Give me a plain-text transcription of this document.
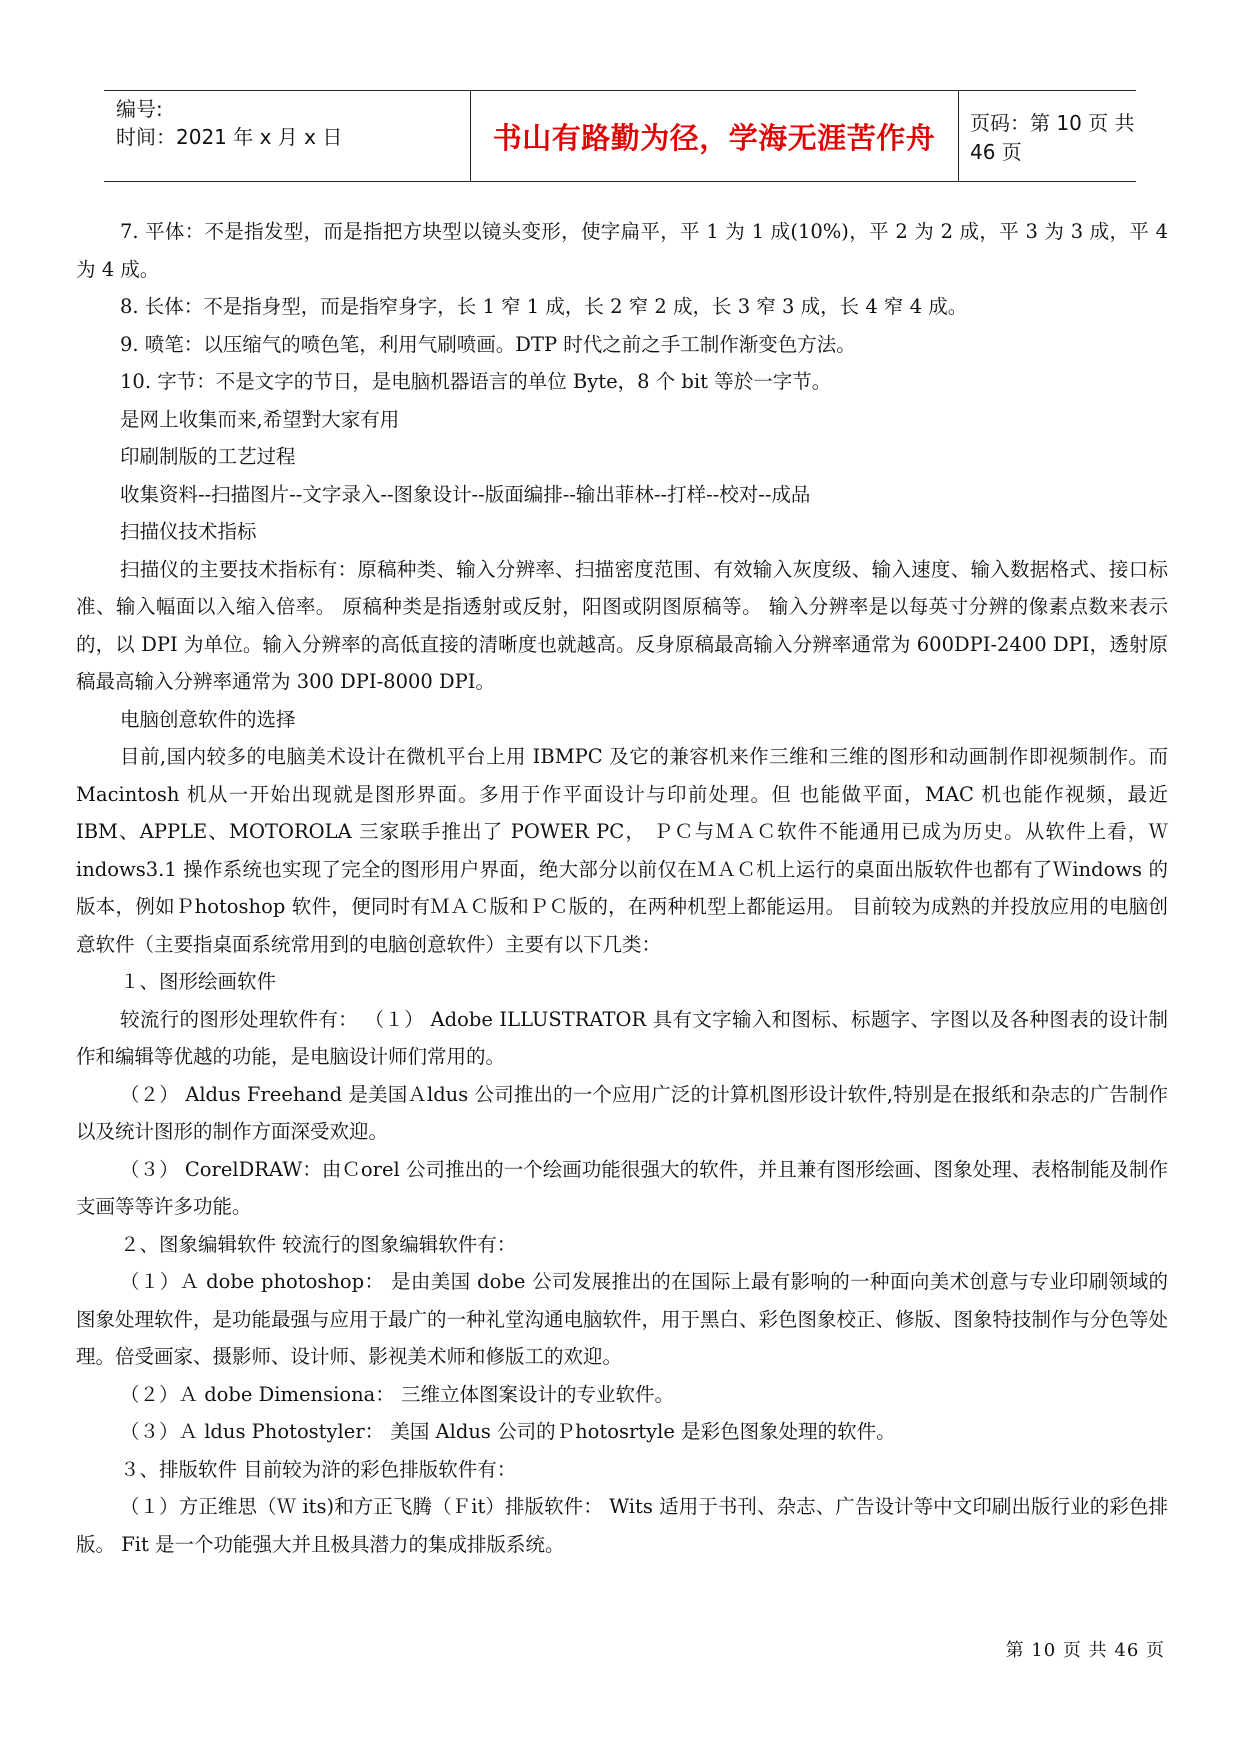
编号:
时间：2021 年 x 月 x 日	书山有路勤为径，学海无涯苦作舟	页码：第 10 页 共 46 页

7. 平体：不是指发型，而是指把方块型以镜头变形，使字扁平，平 1 为 1 成(10%)，平 2 为 2 成，平 3 为 3 成，平 4 为 4 成。

8. 长体：不是指身型，而是指窄身字，长 1 窄 1 成，长 2 窄 2 成，长 3 窄 3 成，长 4 窄 4 成。

9. 喷笔：以压缩气的喷色笔，利用气刷喷画。DTP 时代之前之手工制作渐变色方法。

10. 字节：不是文字的节日，是电脑机器语言的单位 Byte，8 个 bit 等於一字节。

是网上收集而来,希望對大家有用

印刷制版的工艺过程

收集资料--扫描图片--文字录入--图象设计--版面编排--输出菲林--打样--校对--成品

扫描仪技术指标

扫描仪的主要技术指标有：原稿种类、输入分辨率、扫描密度范围、有效输入灰度级、输入速度、输入数据格式、接口标准、输入幅面以入缩入倍率。 原稿种类是指透射或反射，阳图或阴图原稿等。 输入分辨率是以每英寸分辨的像素点数来表示的，以 DPI 为单位。输入分辨率的高低直接的清晰度也就越高。反身原稿最高输入分辨率通常为 600DPI-2400 DPI，透射原稿最高输入分辨率通常为 300 DPI-8000 DPI。

电脑创意软件的选择

目前,国内较多的电脑美术设计在微机平台上用 IBMPC 及它的兼容机来作三维和三维的图形和动画制作即视频制作。而 Macintosh 机从一开始出现就是图形界面。多用于作平面设计与印前处理。但 也能做平面，MAC 机也能作视频，最近 IBM、APPLE、MOTOROLA 三家联手推出了 POWER PC， ＰＣ与ＭＡＣ软件不能通用已成为历史。从软件上看，Ｗindows3.1 操作系统也实现了完全的图形用户界面，绝大部分以前仅在ＭＡＣ机上运行的桌面出版软件也都有了Ｗindows 的版本，例如Ｐhotoshop 软件，便同时有ＭＡＣ版和ＰＣ版的，在两种机型上都能运用。 目前较为成熟的并投放应用的电脑创意软件（主要指桌面系统常用到的电脑创意软件）主要有以下几类：

１、图形绘画软件

较流行的图形处理软件有： （１） Adobe ILLUSTRATOR 具有文字输入和图标、标题字、字图以及各种图表的设计制作和编辑等优越的功能，是电脑设计师们常用的。

（２） Aldus Freehand 是美国Ａldus 公司推出的一个应用广泛的计算机图形设计软件,特别是在报纸和杂志的广告制作以及统计图形的制作方面深受欢迎。

（３） CorelDRAW：由Ｃorel 公司推出的一个绘画功能很强大的软件，并且兼有图形绘画、图象处理、表格制能及制作支画等等许多功能。

２、图象编辑软件 较流行的图象编辑软件有：

（１）Ａ dobe photoshop： 是由美国 dobe 公司发展推出的在国际上最有影响的一种面向美术创意与专业印刷领域的图象处理软件，是功能最强与应用于最广的一种礼堂沟通电脑软件，用于黑白、彩色图象校正、修版、图象特技制作与分色等处理。倍受画家、摄影师、设计师、影视美术师和修版工的欢迎。

（２）Ａ dobe Dimensiona： 三维立体图案设计的专业软件。

（３）Ａ ldus Photostyler： 美国 Aldus 公司的Ｐhotosrtyle 是彩色图象处理的软件。

３、排版软件 目前较为浒的彩色排版软件有：

（１）方正维思（Ｗ its)和方正飞腾（Ｆit）排版软件： Wits 适用于书刊、杂志、广告设计等中文印刷出版行业的彩色排版。 Fit 是一个功能强大并且极具潜力的集成排版系统。

第 10 页 共 46 页
